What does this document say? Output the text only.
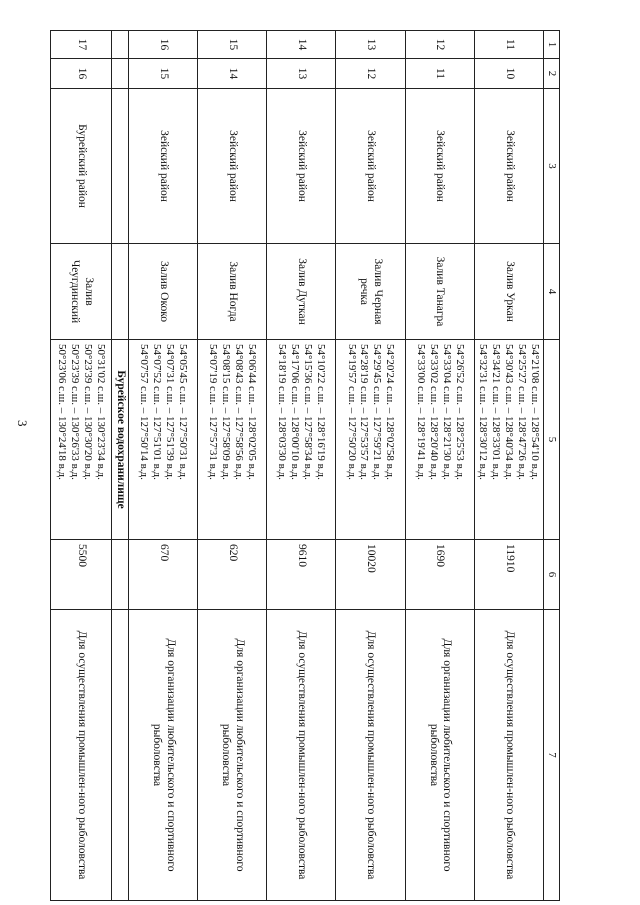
3
1	2	3	4	5	6	7
11	10	Зейский район	Залив Уркан	54°21'08 с.ш. – 128°54'10 в.д.
54°25'27 с.ш. – 128°47'26 в.д.
54°30'43 с.ш. – 128°40'34 в.д.
54°34'21 с.ш. – 128°33'01 в.д.
54°32'31 с.ш. – 128°30'12 в.д.	11910	Для осуществления промышлен-ного рыболовства
12	11	Зейский район	Залив Танагра	54°26'52 с.ш. – 128°25'53 в.д.
54°33'04 с.ш. – 128°21'30 в.д.
54°33'02 с.ш. – 128°20'40 в.д.
54°33'00 с.ш. – 128°19'41 в.д.	1690	Для организации любительского и спортивного рыболовства
13	12	Зейский район	Залив Черная речка	54°20'24 с.ш. – 128°02'58 в.д.
54°29'45 с.ш. – 127°59'21 в.д.
54°28'19 с.ш. – 127°53'57 в.д.
54°19'57 с.ш. – 127°50'20 в.д.	10020	Для осуществления промышлен-ного рыболовства
14	13	Зейский район	Залив Дуткан	54°10'22 с.ш. – 128°16'19 в.д.
54°15'36 с.ш. – 127°58'34 в.д.
54°17'06 с.ш. – 128°00'10 в.д.
54°18'19 с.ш. – 128°03'30 в.д.	9610	Для осуществления промышлен-ного рыболовства
15	14	Зейский район	Залив Ногда	54°06'44 с.ш. – 128°02'05 в.д.
54°08'43 с.ш. – 127°58'56 в.д.
54°08'15 с.ш. – 127°58'09 в.д.
54°07'19 с.ш. – 127°57'31 в.д.	620	Для организации любительского и спортивного рыболовства
16	15	Зейский район	Залив Ококо	54°05'45 с.ш. – 127°50'31 в.д.
54°07'31 с.ш. – 127°51'39 в.д.
54°07'52 с.ш. – 127°51'01 в.д.
54°07'57 с.ш. – 127°50'14 в.д.	670	Для организации любительского и спортивного рыболовства
				Бурейское водохранилище		
17	16	Бурейский район	Залив Чеугдинский	50°31'02 с.ш. – 130°23'34 в.д.
50°23'39 с.ш. – 130°30'20 в.д.
50°23'39 с.ш. – 130°26'33 в.д.
50°23'06 с.ш. – 130°24'18 в.д.	5500	Для осуществления промышлен-ного рыболовства
